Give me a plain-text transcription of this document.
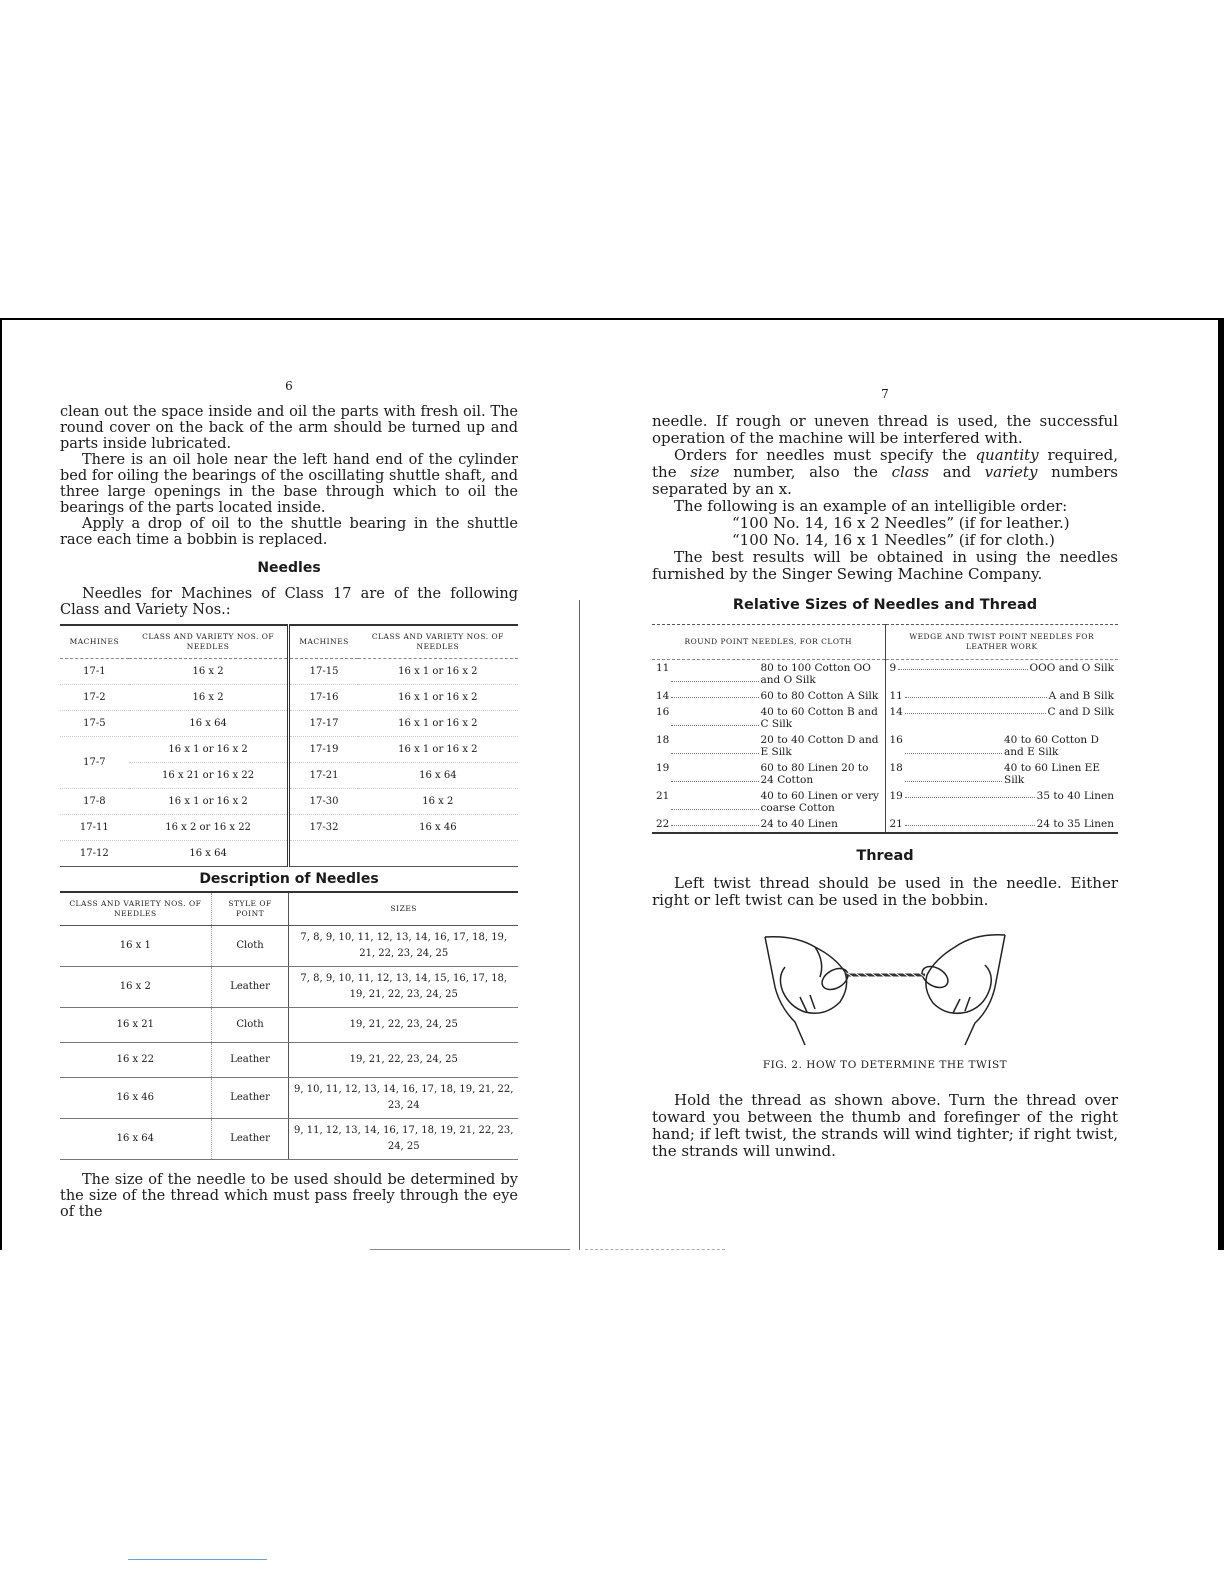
6

clean out the space inside and oil the parts with fresh oil. The round cover on the back of the arm should be turned up and parts inside lubricated.

There is an oil hole near the left hand end of the cylinder bed for oiling the bearings of the oscillating shuttle shaft, and three large openings in the base through which to oil the bearings of the parts located inside.

Apply a drop of oil to the shuttle bearing in the shuttle race each time a bobbin is replaced.

Needles

Needles for Machines of Class 17 are of the following Class and Variety Nos.:

MACHINES	CLASS AND VARIETY NOS. OF NEEDLES	MACHINES	CLASS AND VARIETY NOS. OF NEEDLES
17-1	16 x 2	17-15	16 x 1 or 16 x 2
17-2	16 x 2	17-16	16 x 1 or 16 x 2
17-5	16 x 64	17-17	16 x 1 or 16 x 2
17-7	16 x 1 or 16 x 2	17-19	16 x 1 or 16 x 2
	16 x 21 or 16 x 22	17-21	16 x 64
17-8	16 x 1 or 16 x 2	17-30	16 x 2
17-11	16 x 2 or 16 x 22	17-32	16 x 46
17-12	16 x 64		
Description of Needles
CLASS AND VARIETY NOS. OF NEEDLES	STYLE OF POINT	SIZES
16 x 1	Cloth	7, 8, 9, 10, 11, 12, 13, 14, 16, 17, 18, 19, 21, 22, 23, 24, 25
16 x 2	Leather	7, 8, 9, 10, 11, 12, 13, 14, 15, 16, 17, 18, 19, 21, 22, 23, 24, 25
16 x 21	Cloth	19, 21, 22, 23, 24, 25
16 x 22	Leather	19, 21, 22, 23, 24, 25
16 x 46	Leather	9, 10, 11, 12, 13, 14, 16, 17, 18, 19, 21, 22, 23, 24
16 x 64	Leather	9, 11, 12, 13, 14, 16, 17, 18, 19, 21, 22, 23, 24, 25

The size of the needle to be used should be determined by the size of the thread which must pass freely through the eye of the

7

needle. If rough or uneven thread is used, the successful operation of the machine will be interfered with.

Orders for needles must specify the quantity required, the size number, also the class and variety numbers separated by an x.

The following is an example of an intelligible order:

“100 No. 14, 16 x 2 Needles” (if for leather.)

“100 No. 14, 16 x 1 Needles” (if for cloth.)

The best results will be obtained in using the needles furnished by the Singer Sewing Machine Company.

Relative Sizes of Needles and Thread
ROUND POINT NEEDLES, FOR CLOTH	WEDGE AND TWIST POINT NEEDLES FOR LEATHER WORK

11 80 to 100 Cotton OO and O Silk	9 OOO and O Silk

14 60 to 80 Cotton A Silk	11 A and B Silk

16 40 to 60 Cotton B and C Silk	14 C and D Silk

18 20 to 40 Cotton D and E Silk	16 40 to 60 Cotton D and E Silk

19 60 to 80 Linen 20 to 24 Cotton	18 40 to 60 Linen EE Silk

21 40 to 60 Linen or very coarse Cotton	19 35 to 40 Linen

22 24 to 40 Linen	21 24 to 35 Linen
Thread

Left twist thread should be used in the needle. Either right or left twist can be used in the bobbin.

FIG. 2. HOW TO DETERMINE THE TWIST

Hold the thread as shown above. Turn the thread over toward you between the thumb and forefinger of the right hand; if left twist, the strands will wind tighter; if right twist, the strands will unwind.
